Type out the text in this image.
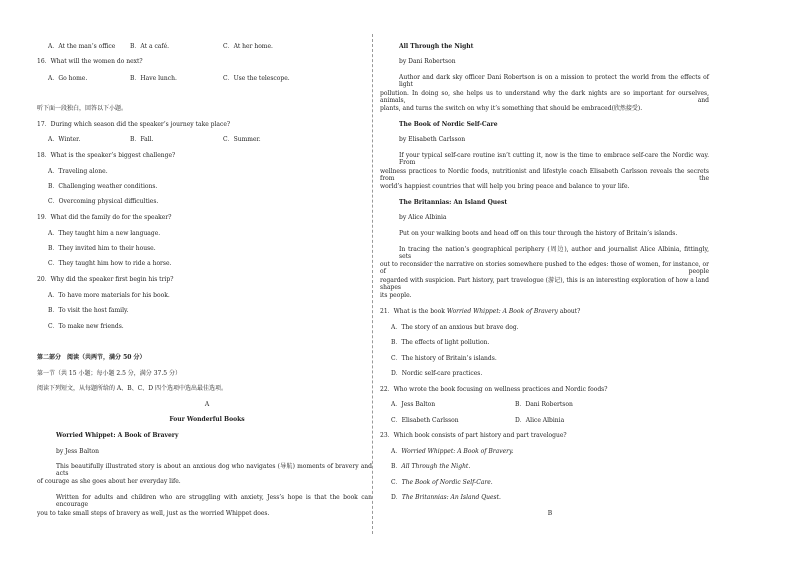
A．At the man’s office B．At a café.	C．At her home.
16．What will the women do next?
A．Go home.	B．Have lunch.	C．Use the telescope.
听下面一段独白，回答以下小题。
17．During which season did the speaker’s journey take place?
A．Winter.	B．Fall.	C．Summer.
18．What is the speaker’s biggest challenge?
A．Traveling alone.
B．Challenging weather conditions.
C．Overcoming physical difficulties.
19．What did the family do for the speaker?
A．They taught him a new language.
B．They invited him to their house.
C．They taught him how to ride a horse.
20．Why did the speaker first begin his trip?
A．To have more materials for his book.
B．To visit the host family.
C．To make new friends.
第二部分　阅读（共两节，满分 50 分）
第一节（共 15 小题；每小题 2.5 分，满分 37.5 分）
阅读下列短文，从每题所给的 A、B、C、D 四个选项中选出最佳选项。
A
Four Wonderful Books
Worried Whippet: A Book of Bravery
by Jess Balton
This beautifully illustrated story is about an anxious dog who navigates (导航) moments of bravery and acts
of courage as she goes about her everyday life.
Written for adults and children who are struggling with anxiety, Jess’s hope is that the book can encourage
you to take small steps of bravery as well, just as the worried Whippet does.
All Through the Night
by Dani Robertson
Author and dark sky officer Dani Robertson is on a mission to protect the world from the effects of light
pollution. In doing so, she helps us to understand why the dark nights are so important for ourselves, animals, and
plants, and turns the switch on why it’s something that should be embraced(欣然接受).
The Book of Nordic Self-Care
by Elisabeth Carlsson
If your typical self-care routine isn’t cutting it, now is the time to embrace self-care the Nordic way. From
wellness practices to Nordic foods, nutritionist and lifestyle coach Elisabeth Carlsson reveals the secrets from the
world’s happiest countries that will help you bring peace and balance to your life.
The Britannias: An Island Quest
by Alice Albinia
Put on your walking boots and head off on this tour through the history of Britain’s islands.
In tracing the nation’s geographical periphery (周边), author and journalist Alice Albinia, fittingly, sets
out to reconsider the narrative on stories somewhere pushed to the edges: those of women, for instance, or of people
regarded with suspicion. Part history, part travelogue (游记), this is an interesting exploration of how a land shapes
its people.
21．What is the book Worried Whippet: A Book of Bravery about?
A．The story of an anxious but brave dog.
B．The effects of light pollution.
C．The history of Britain’s islands.
D．Nordic self-care practices.
22．Who wrote the book focusing on wellness practices and Nordic foods?
A．Jess Balton	B．Dani Robertson
C．Elisabeth Carlsson	D．Alice Albinia
23．Which book consists of part history and part travelogue?
A．Worried Whippet: A Book of Bravery.
B．All Through the Night.
C．The Book of Nordic Self-Care.
D．The Britannias: An Island Quest.
B
